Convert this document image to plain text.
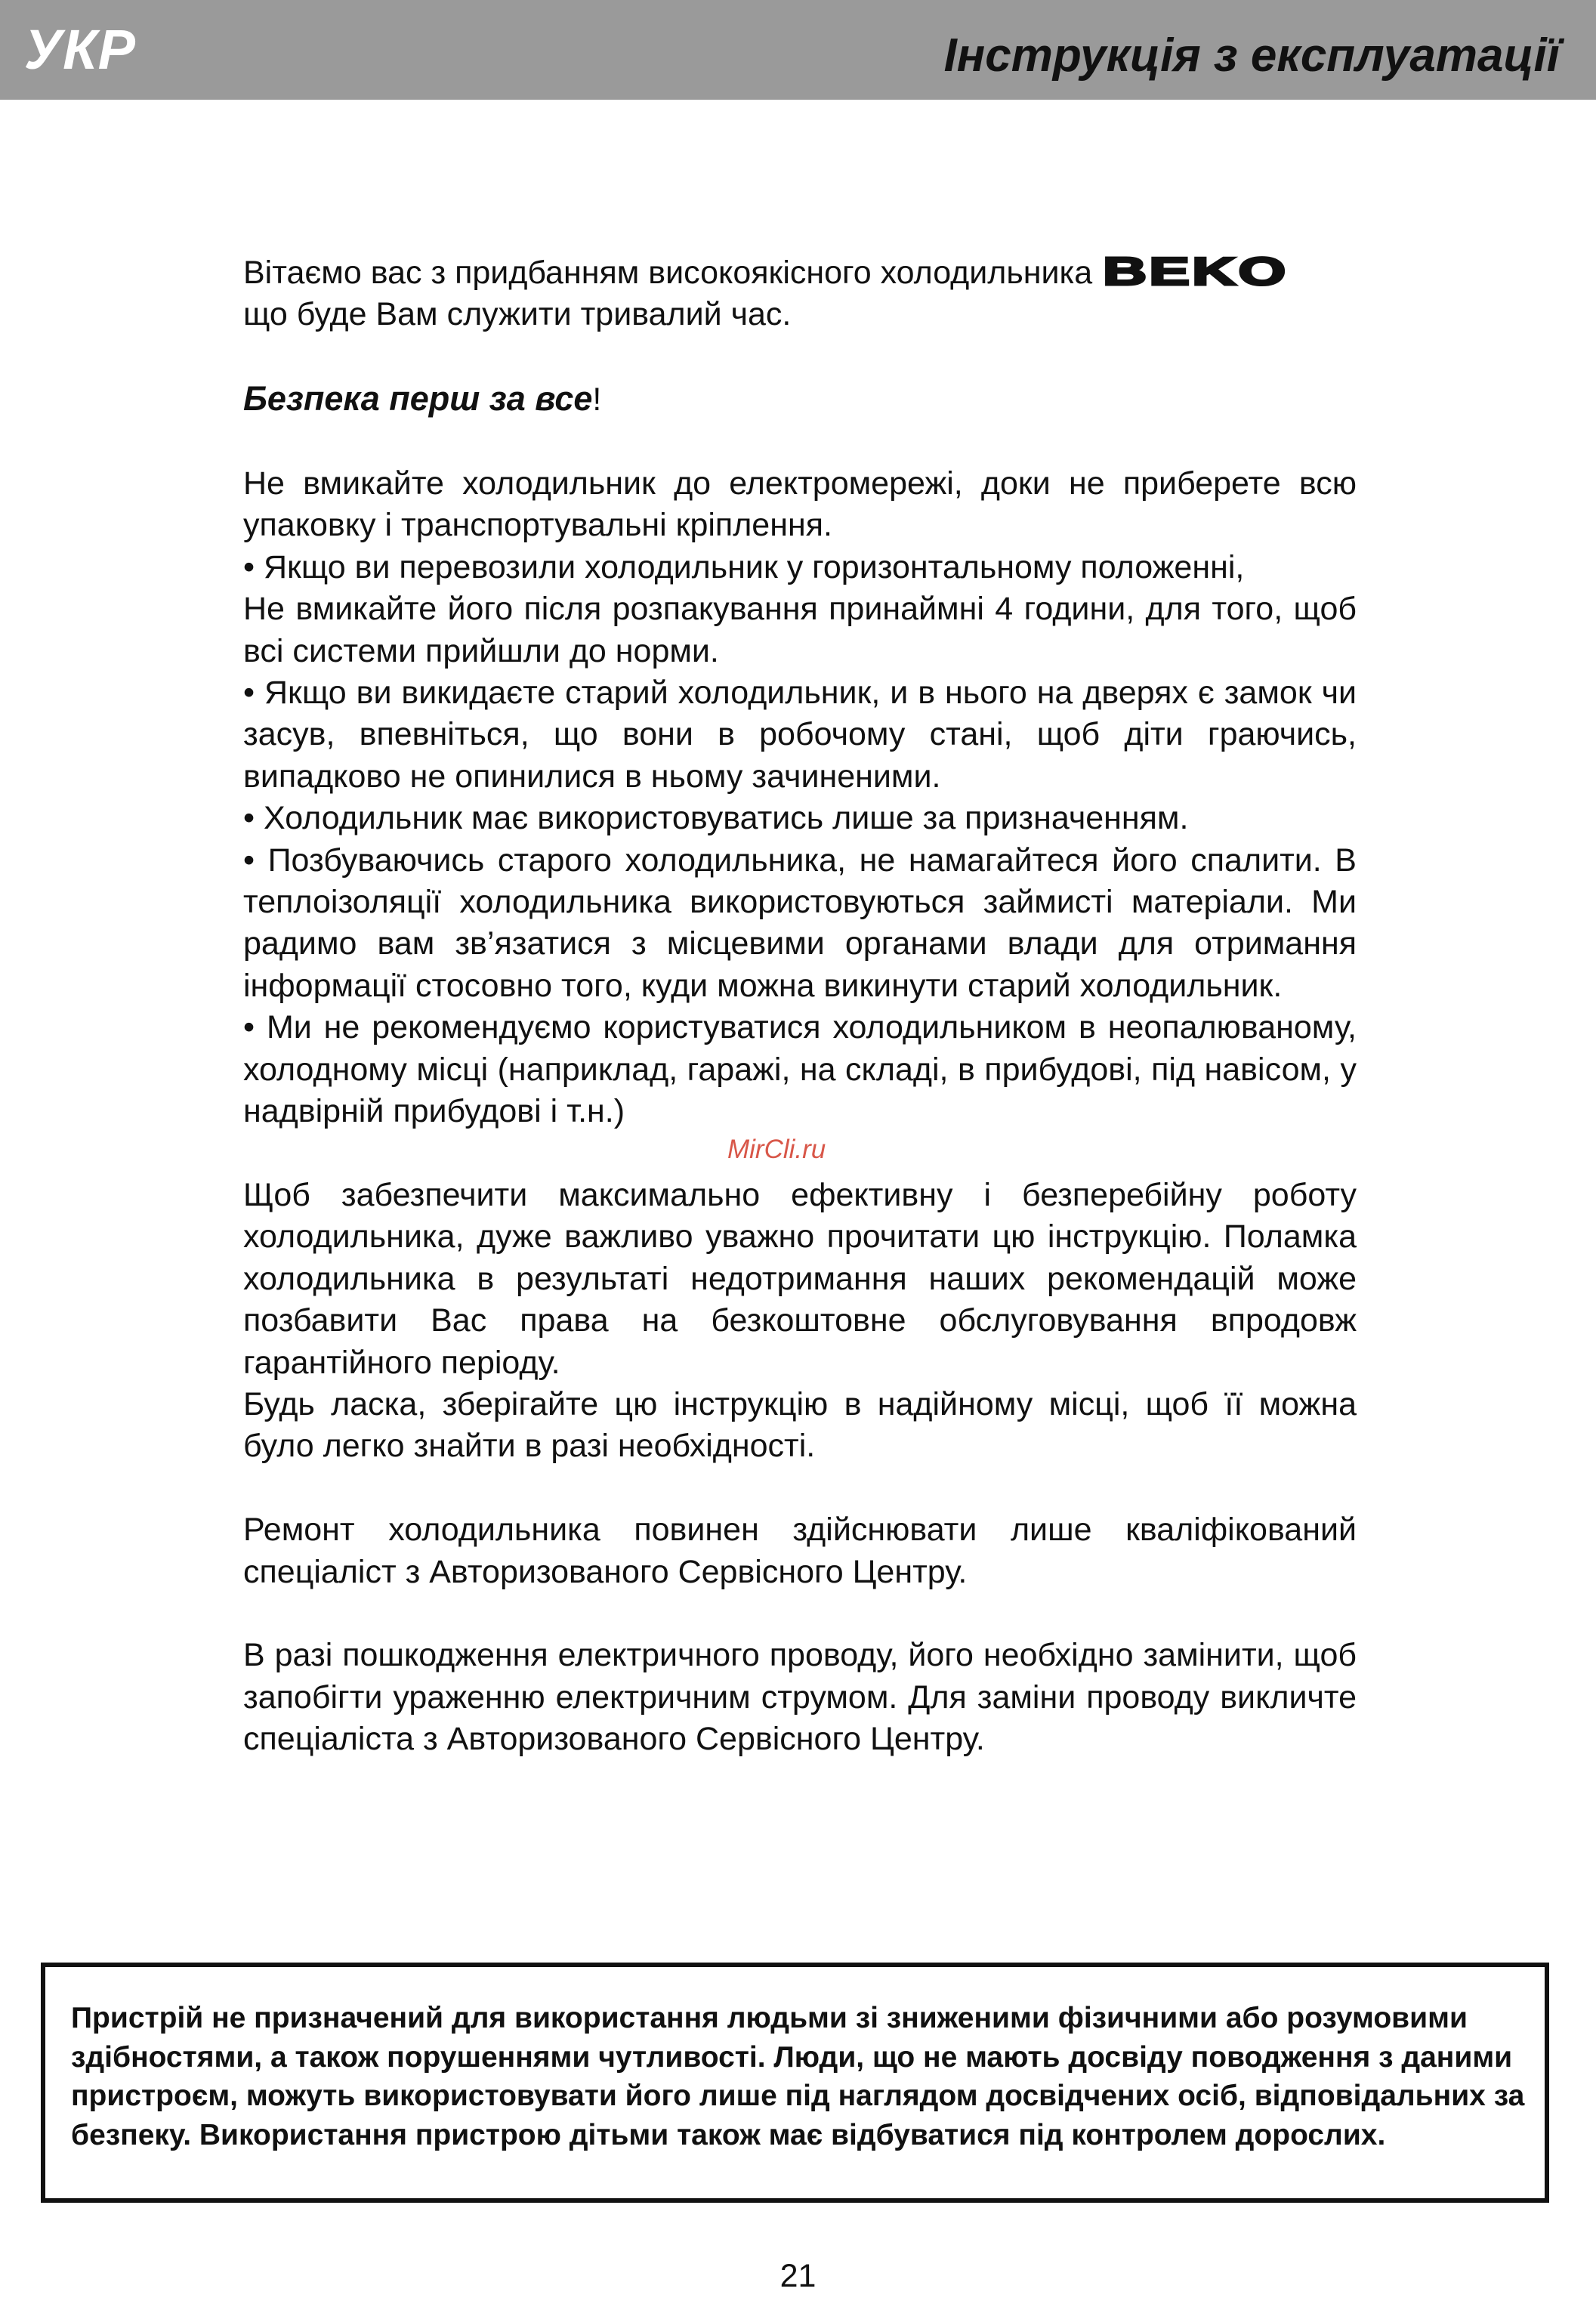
УКР	Інструкція з експлуатації

Вітаємо вас з придбанням високоякісного холодильника BEKO

що буде Вам служити тривалий час.

Безпека перш за все!

Не вмикайте холодильник до електромережі, доки не приберете всю упаковку і транспортувальні кріплення.

• Якщо ви перевозили холодильник у горизонтальному положенні,

Не вмикайте його після розпакування принаймні 4 години, для того, щоб всі системи прийшли до норми.

• Якщо ви викидаєте старий холодильник, и в нього на дверях є замок чи засув, впевніться, що вони в робочому стані, щоб діти граючись, випадково не опинилися в ньому зачиненими.

• Холодильник має використовуватись лише за призначенням.

• Позбуваючись старого холодильника, не намагайтеся його спалити. В теплоізоляції холодильника використовуються займисті матеріали. Ми радимо вам зв’язатися з місцевими органами влади для отримання інформації стосовно того, куди можна викинути старий холодильник.

• Ми не рекомендуємо користуватися холодильником в неопалюваному, холодному місці (наприклад, гаражі, на складі, в прибудові, під навісом, у надвірній прибудові і т.н.)

Щоб забезпечити максимально ефективну і безперебійну роботу холодильника, дуже важливо уважно прочитати цю інструкцію. Поламка холодильника в результаті недотримання наших рекомендацій може позбавити Вас права на безкоштовне обслуговування впродовж гарантійного періоду.

Будь ласка, зберігайте цю інструкцію в надійному місці, щоб її можна було легко знайти в разі необхідності.

Ремонт холодильника повинен здійснювати лише кваліфікований спеціаліст з Авторизованого Сервісного Центру.

В разі пошкодження електричного проводу, його необхідно замінити, щоб запобігти ураженню електричним струмом. Для заміни проводу викличте спеціаліста з Авторизованого Сервісного Центру.

MirCli.ru

Пристрій не призначений для використання людьми зі зниженими фізичними або розумовими здібностями, а також порушеннями чутливості. Люди, що не мають досвіду поводження з даними пристроєм, можуть використовувати його лише під наглядом досвідчених осіб, відповідальних за безпеку. Використання пристрою дітьми також має відбуватися під контролем дорослих.

21
